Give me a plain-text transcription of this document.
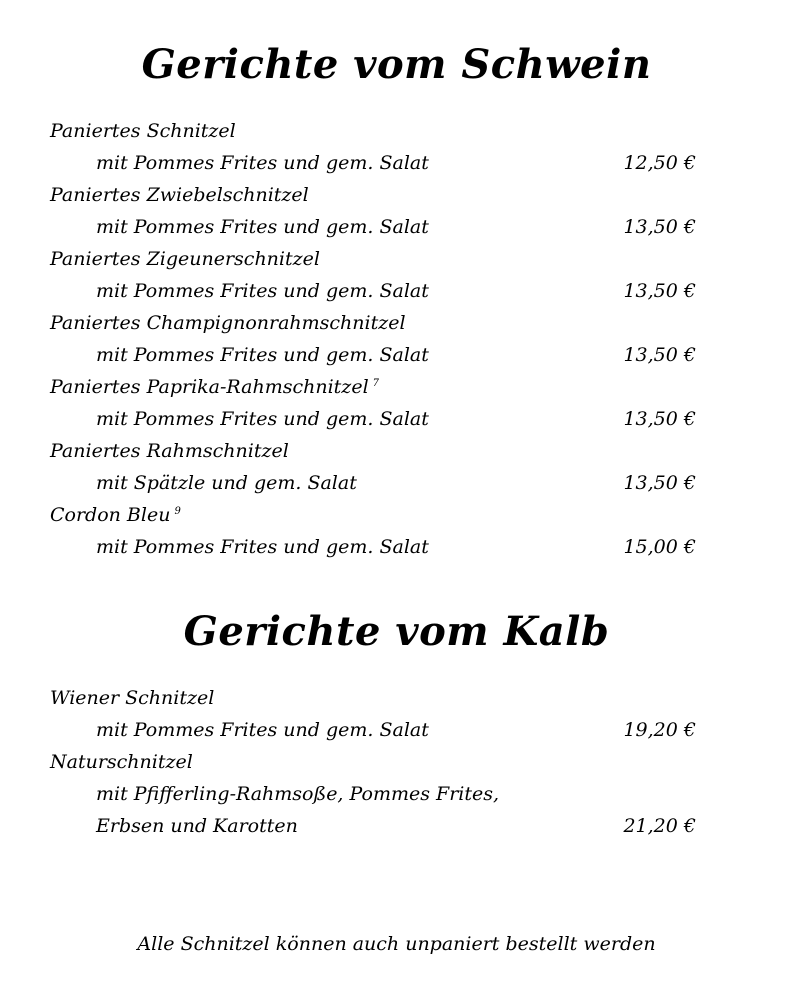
Gerichte vom Schwein
Paniertes Schnitzel
mit Pommes Frites und gem. Salat	12,50 €
Paniertes Zwiebelschnitzel
mit Pommes Frites und gem. Salat	13,50 €
Paniertes Zigeunerschnitzel
mit Pommes Frites und gem. Salat	13,50 €
Paniertes Champignonrahmschnitzel
mit Pommes Frites und gem. Salat	13,50 €
Paniertes Paprika-Rahmschnitzel $^7$
mit Pommes Frites und gem. Salat	13,50 €
Paniertes Rahmschnitzel
mit Spätzle und gem. Salat	13,50 €
Cordon Bleu $^9$
mit Pommes Frites und gem. Salat	15,00 €
Gerichte vom Kalb
Wiener Schnitzel
mit Pommes Frites und gem. Salat	19,20 €
Naturschnitzel
mit Pfifferling-Rahmsoße, Pommes Frites,
Erbsen und Karotten	21,20 €

Alle Schnitzel können auch unpaniert bestellt werden
